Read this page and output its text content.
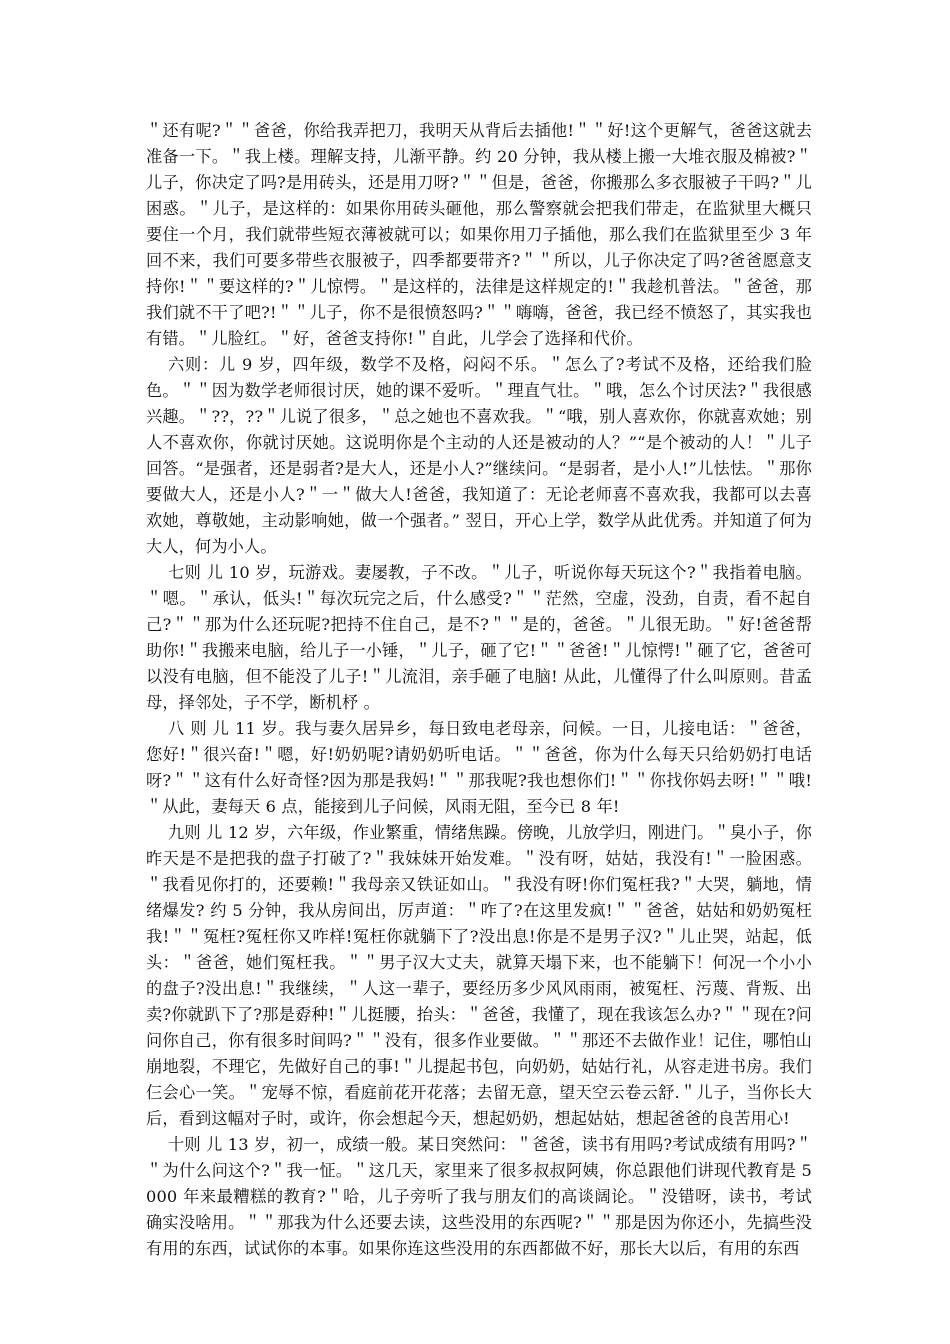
＂还有呢?＂＂爸爸，你给我弄把刀，我明天从背后去插他!＂＂好!这个更解气，爸爸这就去准备一下。＂我上楼。理解支持，儿渐平静。约 20 分钟，我从楼上搬一大堆衣服及棉被?＂儿子，你决定了吗?是用砖头，还是用刀呀?＂＂但是，爸爸，你搬那么多衣服被子干吗?＂儿困惑。＂儿子，是这样的：如果你用砖头砸他，那么警察就会把我们带走，在监狱里大概只要住一个月，我们就带些短衣薄被就可以；如果你用刀子插他，那么我们在监狱里至少 3 年回不来，我们可要多带些衣服被子，四季都要带齐?＂＂所以，儿子你决定了吗?爸爸愿意支持你!＂＂要这样的?＂儿惊愕。＂是这样的，法律是这样规定的!＂我趁机普法。＂爸爸，那我们就不干了吧?!＂＂儿子，你不是很愤怒吗?＂＂嗨嗨，爸爸，我已经不愤怒了，其实我也有错。＂儿脸红。＂好，爸爸支持你!＂自此，儿学会了选择和代价。

六则：儿 9 岁，四年级，数学不及格，闷闷不乐。＂怎么了?考试不及格，还给我们脸色。＂＂因为数学老师很讨厌，她的课不爱听。＂理直气壮。＂哦，怎么个讨厌法?＂我很感兴趣。＂??，??＂儿说了很多，＂总之她也不喜欢我。＂“哦，别人喜欢你，你就喜欢她；别人不喜欢你，你就讨厌她。这说明你是个主动的人还是被动的人？”“是个被动的人！＂儿子回答。“是强者，还是弱者?是大人，还是小人?”继续问。“是弱者，是小人!”儿怯怯。＂那你要做大人，还是小人?＂一＂做大人!爸爸，我知道了：无论老师喜不喜欢我，我都可以去喜欢她，尊敬她，主动影响她，做一个强者。” 翌日，开心上学，数学从此优秀。并知道了何为大人，何为小人。

七则 儿 10 岁，玩游戏。妻屡教，子不改。＂儿子，听说你每天玩这个?＂我指着电脑。＂嗯。＂承认，低头!＂每次玩完之后，什么感受?＂＂茫然，空虚，没劲，自责，看不起自己?＂＂那为什么还玩呢?把持不住自己，是不?＂＂是的，爸爸。＂儿很无助。＂好!爸爸帮助你!＂我搬来电脑，给儿子一小锤，＂儿子，砸了它!＂＂爸爸!＂儿惊愕!＂砸了它，爸爸可以没有电脑，但不能没了儿子!＂儿流泪，亲手砸了电脑! 从此，儿懂得了什么叫原则。昔孟母，择邻处，子不学，断机杼 。

八 则 儿 11 岁。我与妻久居异乡，每日致电老母亲，问候。一日，儿接电话：＂爸爸，您好!＂很兴奋!＂嗯，好!奶奶呢?请奶奶听电话。＂＂爸爸，你为什么每天只给奶奶打电话呀?＂＂这有什么好奇怪?因为那是我妈!＂＂那我呢?我也想你们!＂＂你找你妈去呀!＂＂哦!＂从此，妻每天 6 点，能接到儿子问候，风雨无阻，至今已 8 年!

九则 儿 12 岁，六年级，作业繁重，情绪焦躁。傍晚，儿放学归，刚进门。＂臭小子，你昨天是不是把我的盘子打破了?＂我妹妹开始发难。＂没有呀，姑姑，我没有!＂一脸困惑。＂我看见你打的，还要赖!＂我母亲又铁证如山。＂我没有呀!你们冤枉我?＂大哭，躺地，情绪爆发? 约 5 分钟，我从房间出，厉声道：＂咋了?在这里发疯!＂＂爸爸，姑姑和奶奶冤枉我!＂＂冤枉?冤枉你又咋样!冤枉你就躺下了?没出息!你是不是男子汉?＂儿止哭，站起，低头：＂爸爸，她们冤枉我。＂＂男子汉大丈夫，就算天塌下来，也不能躺下！何况一个小小的盘子?没出息!＂我继续，＂人这一辈子，要经历多少风风雨雨，被冤枉、污蔑、背叛、出卖?你就趴下了?那是孬种!＂儿挺腰，抬头：＂爸爸，我懂了，现在我该怎么办?＂＂现在?问问你自己，你有很多时间吗?＂＂没有，很多作业要做。＂＂那还不去做作业！记住，哪怕山崩地裂，不理它，先做好自己的事!＂儿提起书包，向奶奶，姑姑行礼，从容走进书房。我们仨会心一笑。＂宠辱不惊，看庭前花开花落；去留无意，望天空云卷云舒.＂儿子，当你长大后，看到这幅对子时，或许，你会想起今天，想起奶奶，想起姑姑，想起爸爸的良苦用心!

十则 儿 13 岁，初一，成绩一般。某日突然问：＂爸爸，读书有用吗?考试成绩有用吗?＂＂为什么问这个?＂我一怔。＂这几天，家里来了很多叔叔阿姨，你总跟他们讲现代教育是 5000 年来最糟糕的教育?＂哈，儿子旁听了我与朋友们的高谈阔论。＂没错呀，读书，考试确实没啥用。＂＂那我为什么还要去读，这些没用的东西呢?＂＂那是因为你还小，先搞些没有用的东西，试试你的本事。如果你连这些没用的东西都做不好，那长大以后，有用的东西
